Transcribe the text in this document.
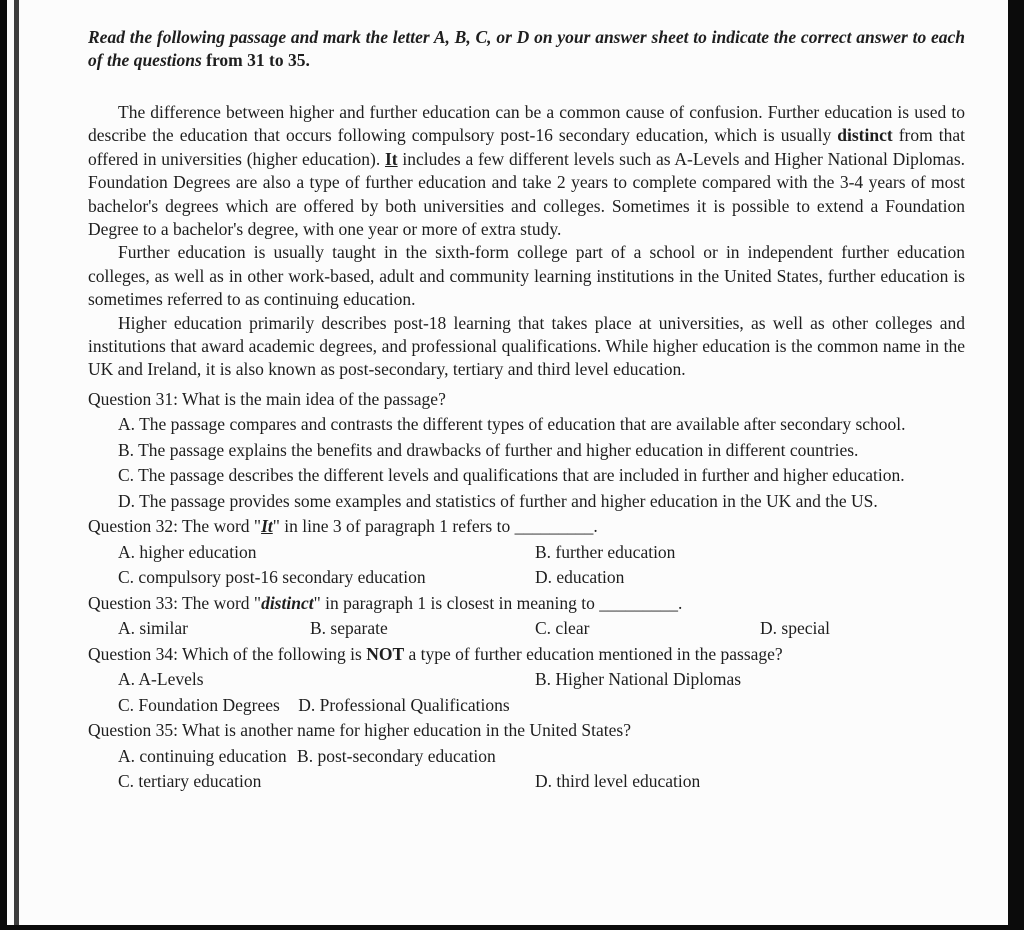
Read the following passage and mark the letter A, B, C, or D on your answer sheet to indicate the correct answer to each of the questions from 31 to 35.

The difference between higher and further education can be a common cause of confusion. Further education is used to describe the education that occurs following compulsory post-16 secondary education, which is usually distinct from that offered in universities (higher education). It includes a few different levels such as A-Levels and Higher National Diplomas. Foundation Degrees are also a type of further education and take 2 years to complete compared with the 3-4 years of most bachelor's degrees which are offered by both universities and colleges. Sometimes it is possible to extend a Foundation Degree to a bachelor's degree, with one year or more of extra study.

Further education is usually taught in the sixth-form college part of a school or in independent further education colleges, as well as in other work-based, adult and community learning institutions in the United States, further education is sometimes referred to as continuing education.

Higher education primarily describes post-18 learning that takes place at universities, as well as other colleges and institutions that award academic degrees, and professional qualifications. While higher education is the common name in the UK and Ireland, it is also known as post-secondary, tertiary and third level education.

Question 31: What is the main idea of the passage?

A. The passage compares and contrasts the different types of education that are available after secondary school.

B. The passage explains the benefits and drawbacks of further and higher education in different countries.

C. The passage describes the different levels and qualifications that are included in further and higher education.

D. The passage provides some examples and statistics of further and higher education in the UK and the US.

Question 32: The word "It" in line 3 of paragraph 1 refers to _________.

A. higher education	B. further education
C. compulsory post-16 secondary education	D. education

Question 33: The word "distinct" in paragraph 1 is closest in meaning to _________.

A. similar	B. separate	C. clear	D. special

Question 34: Which of the following is NOT a type of further education mentioned in the passage?

A. A-Levels	B. Higher National Diplomas
C. Foundation Degrees D. Professional Qualifications

Question 35: What is another name for higher education in the United States?

A. continuing education B. post-secondary education
C. tertiary education	D. third level education
